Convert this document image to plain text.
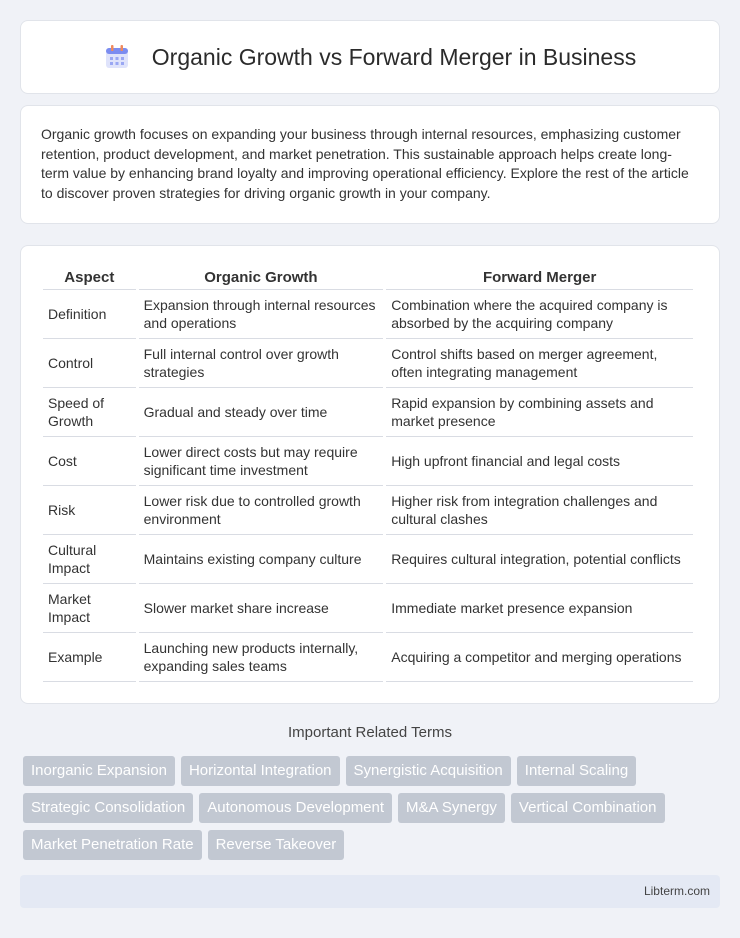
Organic Growth vs Forward Merger in Business

Organic growth focuses on expanding your business through internal resources, emphasizing customer retention, product development, and market penetration. This sustainable approach helps create long-term value by enhancing brand loyalty and improving operational efficiency. Explore the rest of the article to discover proven strategies for driving organic growth in your company.

Aspect	Organic Growth	Forward Merger
Definition	Expansion through internal resources and operations	Combination where the acquired company is absorbed by the acquiring company
Control	Full internal control over growth strategies	Control shifts based on merger agreement, often integrating management
Speed of Growth	Gradual and steady over time	Rapid expansion by combining assets and market presence
Cost	Lower direct costs but may require significant time investment	High upfront financial and legal costs
Risk	Lower risk due to controlled growth environment	Higher risk from integration challenges and cultural clashes
Cultural Impact	Maintains existing company culture	Requires cultural integration, potential conflicts
Market Impact	Slower market share increase	Immediate market presence expansion
Example	Launching new products internally, expanding sales teams	Acquiring a competitor and merging operations
Important Related Terms
Inorganic Expansion	Horizontal Integration	Synergistic Acquisition	Internal Scaling
Strategic Consolidation	Autonomous Development	M&A Synergy	Vertical Combination
Market Penetration Rate	Reverse Takeover
Libterm.com
